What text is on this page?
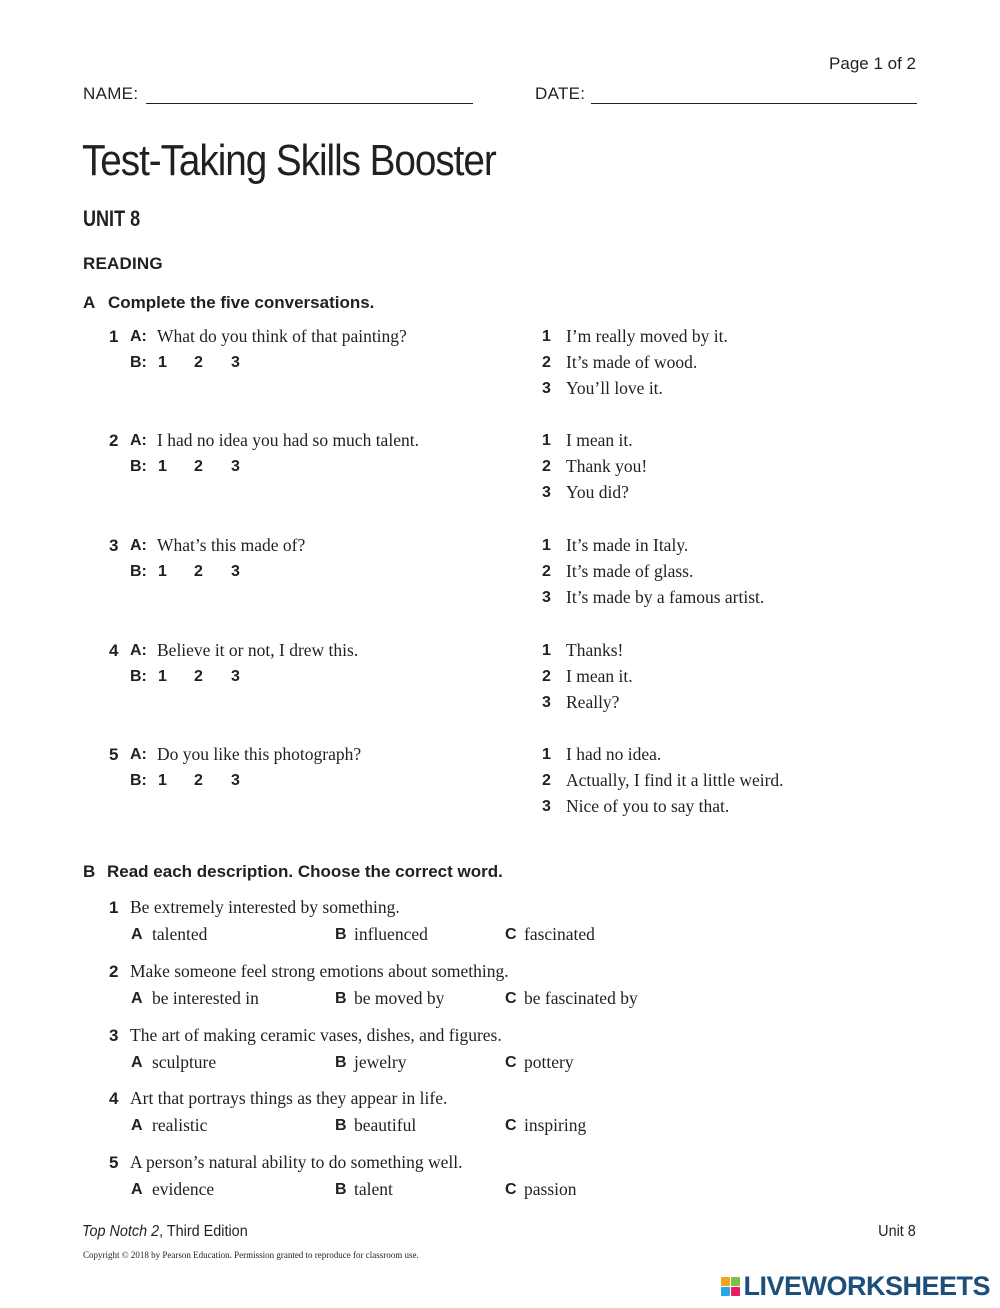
Page 1 of 2
NAME:	DATE:
Test-Taking Skills Booster
UNIT 8
READING
A Complete the five conversations.
1 A: What do you think of that painting?
B: 1 2 3
1 I’m really moved by it.
2 It’s made of wood.
3 You’ll love it.
2 A: I had no idea you had so much talent.
B: 1 2 3
1 I mean it.
2 Thank you!
3 You did?
3 A: What’s this made of?
B: 1 2 3
1 It’s made in Italy.
2 It’s made of glass.
3 It’s made by a famous artist.
4 A: Believe it or not, I drew this.
B: 1 2 3
1 Thanks!
2 I mean it.
3 Really?
5 A: Do you like this photograph?
B: 1 2 3
1 I had no idea.
2 Actually, I find it a little weird.
3 Nice of you to say that.
B Read each description. Choose the correct word.
1 Be extremely interested by something.
A talented	B influenced	C fascinated
2 Make someone feel strong emotions about something.
A be interested in	B be moved by	C be fascinated by
3 The art of making ceramic vases, dishes, and figures.
A sculpture	B jewelry	C pottery
4 Art that portrays things as they appear in life.
A realistic	B beautiful	C inspiring
5 A person’s natural ability to do something well.
A evidence	B talent	C passion
Top Notch 2, Third Edition	Unit 8
Copyright © 2018 by Pearson Education. Permission granted to reproduce for classroom use.
LIVEWORKSHEETS
